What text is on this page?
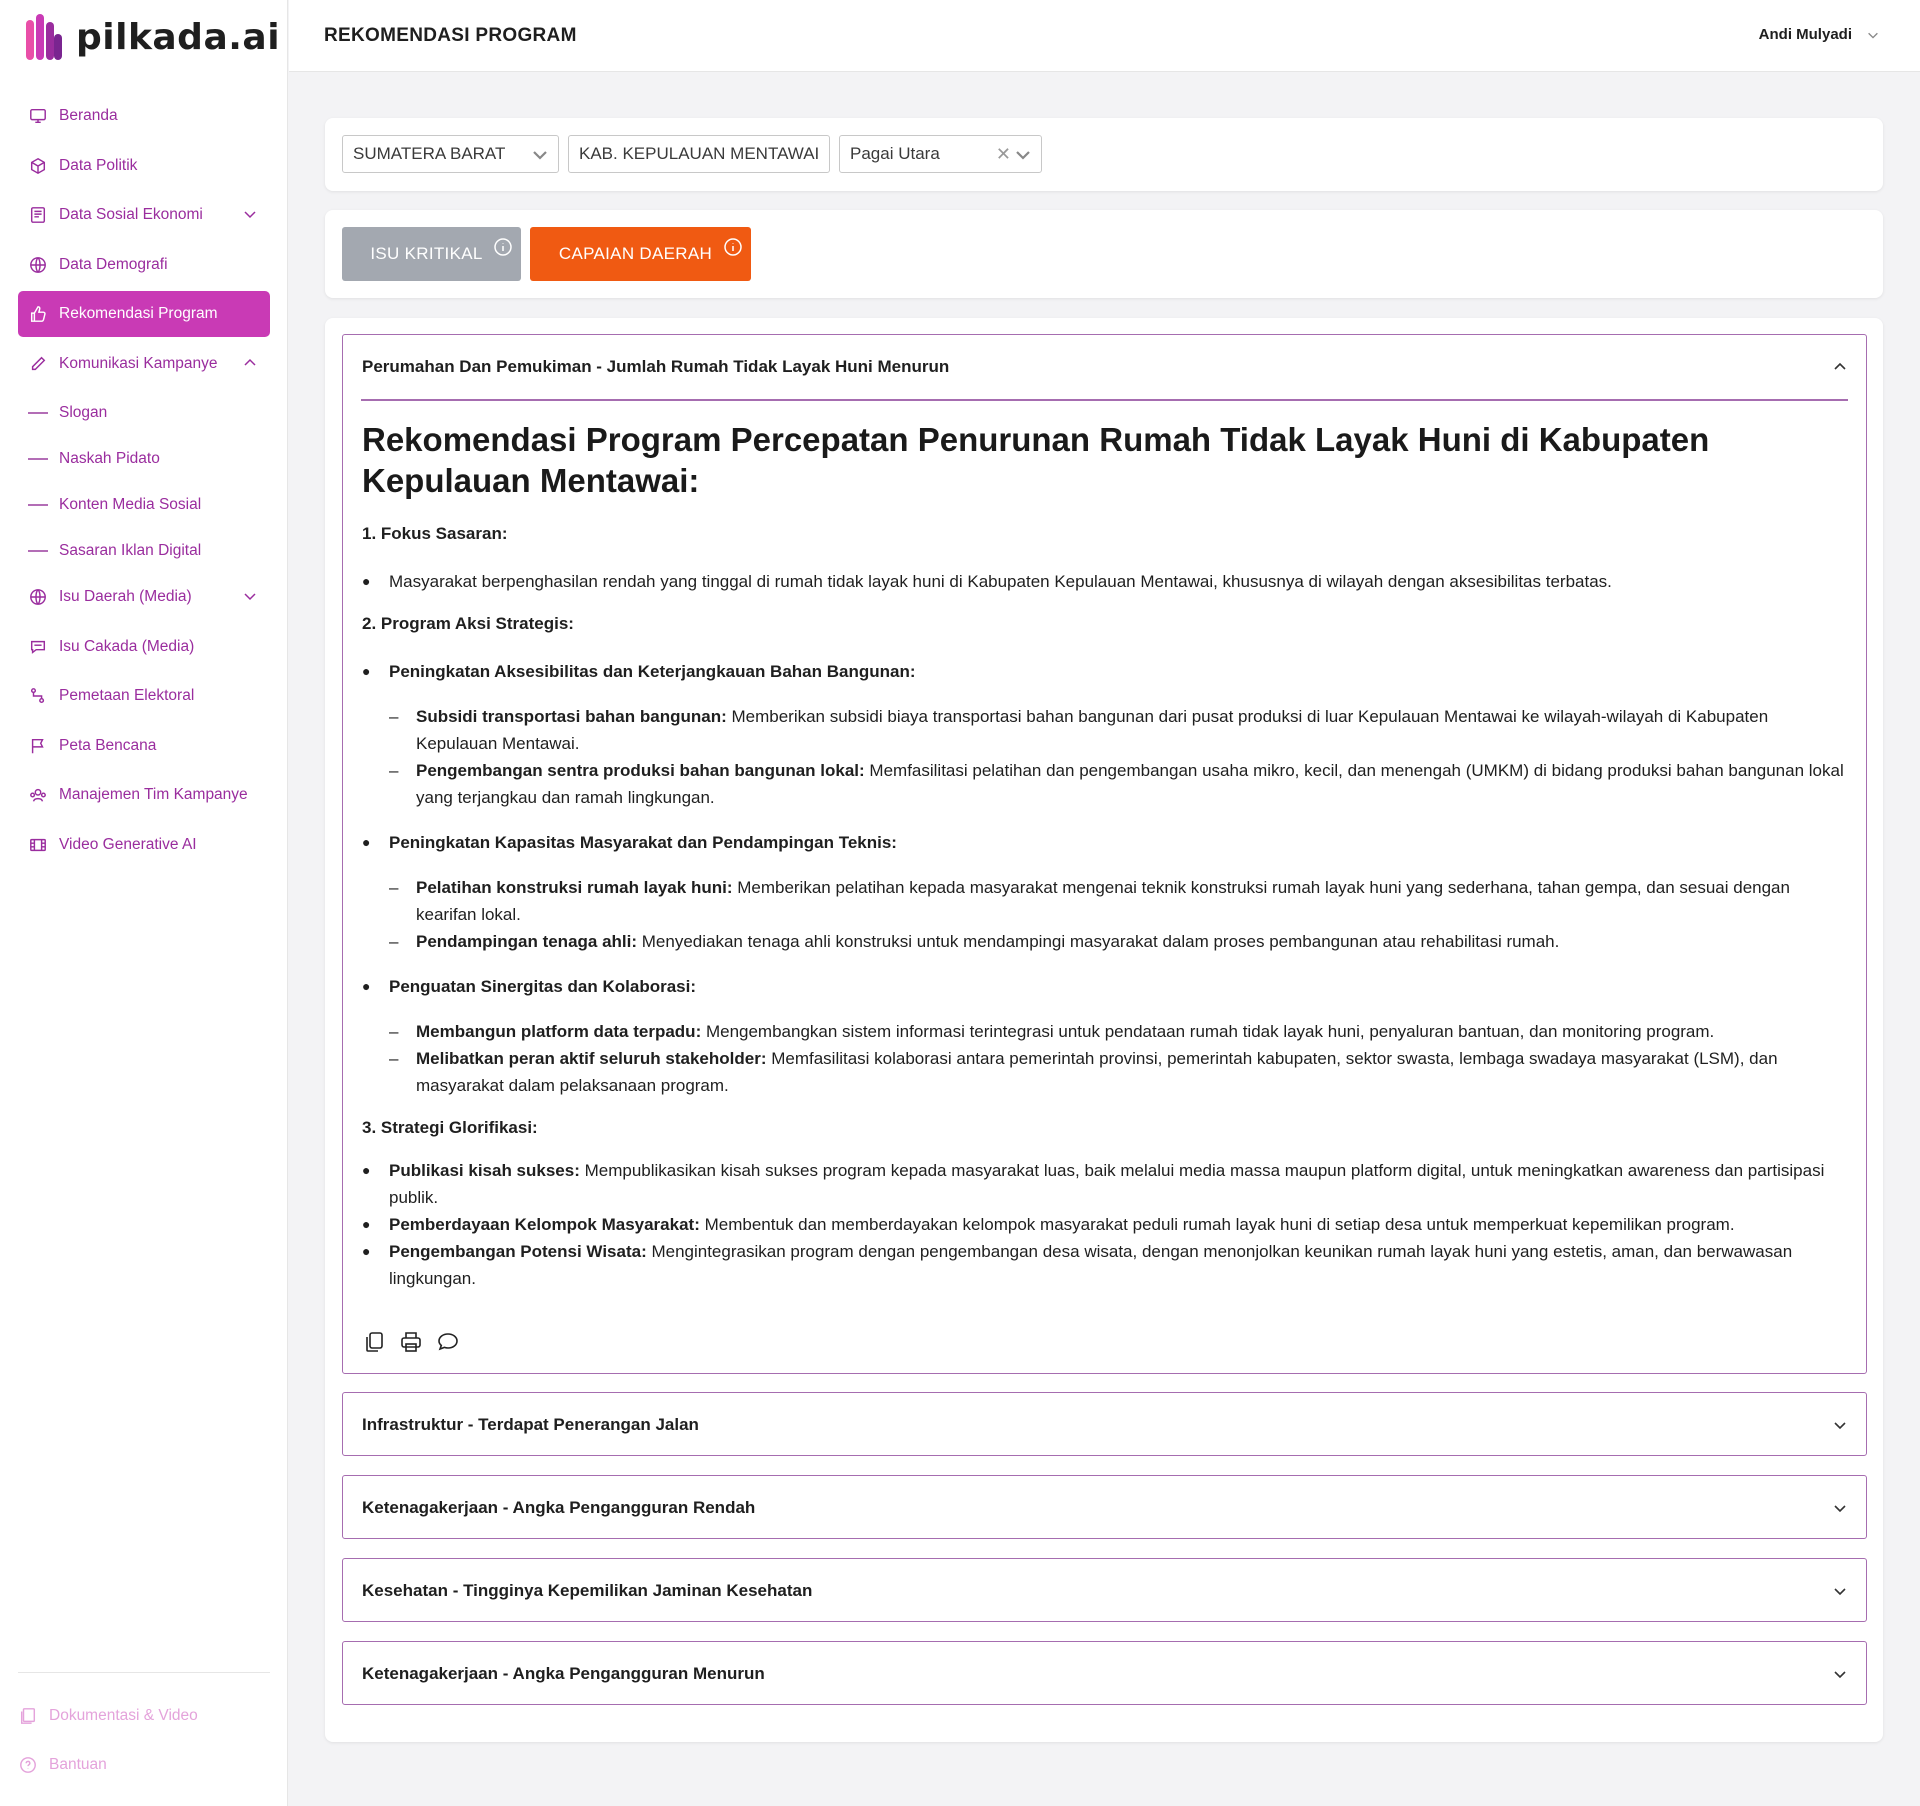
pilkada.ai
Beranda
Data Politik
Data Sosial Ekonomi
Data Demografi
Rekomendasi Program
Komunikasi Kampanye
Slogan
Naskah Pidato
Konten Media Sosial
Sasaran Iklan Digital
Isu Daerah (Media)
Isu Cakada (Media)
Pemetaan Elektoral
Peta Bencana
Manajemen Tim Kampanye
Video Generative AI
Dokumentasi & Video
Bantuan
REKOMENDASI PROGRAM	Andi Mulyadi
SUMATERA BARAT	KAB. KEPULAUAN MENTAWAI Pagai Utara	✕
ISU KRITIKAL	CAPAIAN DAERAH
Perumahan Dan Pemukiman - Jumlah Rumah Tidak Layak Huni Menurun
Rekomendasi Program Percepatan Penurunan Rumah Tidak Layak Huni di Kabupaten Kepulauan Mentawai:
1. Fokus Sasaran:
●	Masyarakat berpenghasilan rendah yang tinggal di rumah tidak layak huni di Kabupaten Kepulauan Mentawai, khususnya di wilayah dengan aksesibilitas terbatas.
2. Program Aksi Strategis:
●	Peningkatan Aksesibilitas dan Keterjangkauan Bahan Bangunan:
–	Subsidi transportasi bahan bangunan: Memberikan subsidi biaya transportasi bahan bangunan dari pusat produksi di luar Kepulauan Mentawai ke wilayah-wilayah di Kabupaten Kepulauan Mentawai.
–	Pengembangan sentra produksi bahan bangunan lokal: Memfasilitasi pelatihan dan pengembangan usaha mikro, kecil, dan menengah (UMKM) di bidang produksi bahan bangunan lokal yang terjangkau dan ramah lingkungan.
●	Peningkatan Kapasitas Masyarakat dan Pendampingan Teknis:
–	Pelatihan konstruksi rumah layak huni: Memberikan pelatihan kepada masyarakat mengenai teknik konstruksi rumah layak huni yang sederhana, tahan gempa, dan sesuai dengan kearifan lokal.
–	Pendampingan tenaga ahli: Menyediakan tenaga ahli konstruksi untuk mendampingi masyarakat dalam proses pembangunan atau rehabilitasi rumah.
●	Penguatan Sinergitas dan Kolaborasi:
–	Membangun platform data terpadu: Mengembangkan sistem informasi terintegrasi untuk pendataan rumah tidak layak huni, penyaluran bantuan, dan monitoring program.
–	Melibatkan peran aktif seluruh stakeholder: Memfasilitasi kolaborasi antara pemerintah provinsi, pemerintah kabupaten, sektor swasta, lembaga swadaya masyarakat (LSM), dan masyarakat dalam pelaksanaan program.
3. Strategi Glorifikasi:
●	Publikasi kisah sukses: Mempublikasikan kisah sukses program kepada masyarakat luas, baik melalui media massa maupun platform digital, untuk meningkatkan awareness dan partisipasi publik.
●	Pemberdayaan Kelompok Masyarakat: Membentuk dan memberdayakan kelompok masyarakat peduli rumah layak huni di setiap desa untuk memperkuat kepemilikan program.
●	Pengembangan Potensi Wisata: Mengintegrasikan program dengan pengembangan desa wisata, dengan menonjolkan keunikan rumah layak huni yang estetis, aman, dan berwawasan lingkungan.
Infrastruktur - Terdapat Penerangan Jalan
Ketenagakerjaan - Angka Pengangguran Rendah
Kesehatan - Tingginya Kepemilikan Jaminan Kesehatan
Ketenagakerjaan - Angka Pengangguran Menurun
